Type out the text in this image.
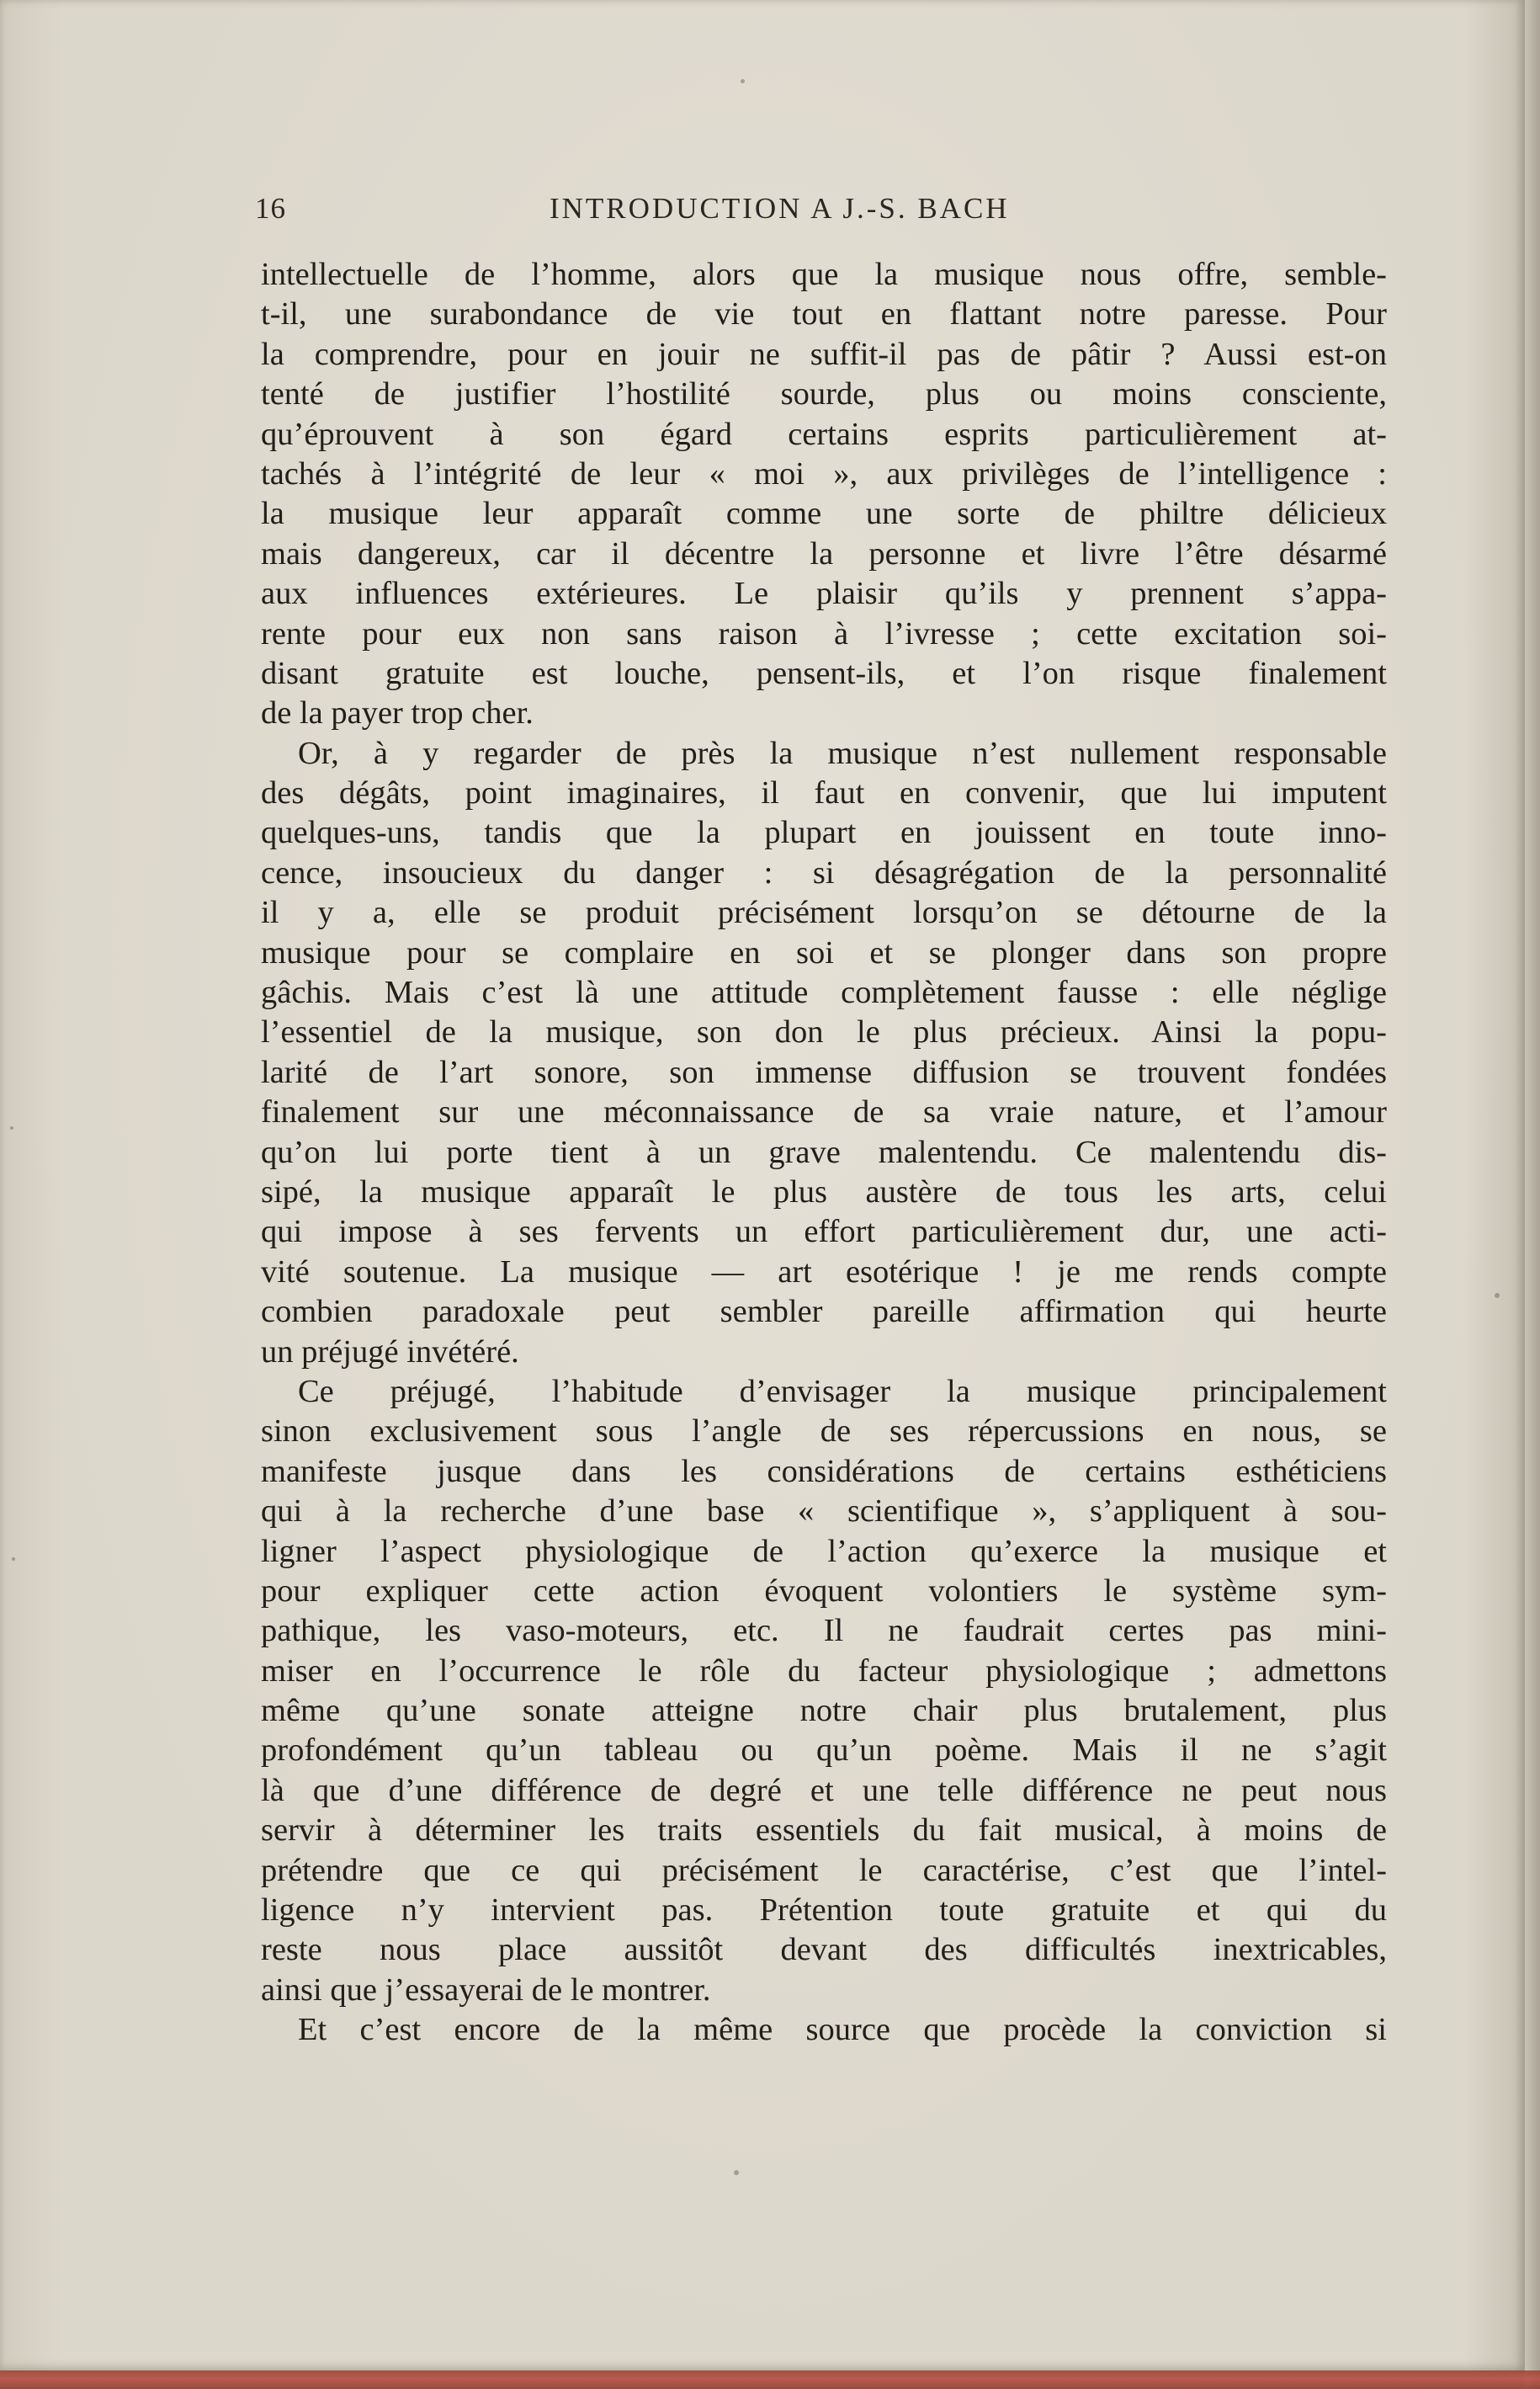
16	INTRODUCTION A J.-S. BACH
intellectuelle de l’homme, alors que la musique nous offre, semble-
t-il, une surabondance de vie tout en flattant notre paresse. Pour
la comprendre, pour en jouir ne suffit-il pas de pâtir ? Aussi est-on
tenté de justifier l’hostilité sourde, plus ou moins consciente,
qu’éprouvent à son égard certains esprits particulièrement at-
tachés à l’intégrité de leur « moi », aux privilèges de l’intelligence :
la musique leur apparaît comme une sorte de philtre délicieux
mais dangereux, car il décentre la personne et livre l’être désarmé
aux influences extérieures. Le plaisir qu’ils y prennent s’appa-
rente pour eux non sans raison à l’ivresse ; cette excitation soi-
disant gratuite est louche, pensent-ils, et l’on risque finalement
de la payer trop cher.
Or, à y regarder de près la musique n’est nullement responsable
des dégâts, point imaginaires, il faut en convenir, que lui imputent
quelques-uns, tandis que la plupart en jouissent en toute inno-
cence, insoucieux du danger : si désagrégation de la personnalité
il y a, elle se produit précisément lorsqu’on se détourne de la
musique pour se complaire en soi et se plonger dans son propre
gâchis. Mais c’est là une attitude complètement fausse : elle néglige
l’essentiel de la musique, son don le plus précieux. Ainsi la popu-
larité de l’art sonore, son immense diffusion se trouvent fondées
finalement sur une méconnaissance de sa vraie nature, et l’amour
qu’on lui porte tient à un grave malentendu. Ce malentendu dis-
sipé, la musique apparaît le plus austère de tous les arts, celui
qui impose à ses fervents un effort particulièrement dur, une acti-
vité soutenue. La musique — art esotérique ! je me rends compte
combien paradoxale peut sembler pareille affirmation qui heurte
un préjugé invétéré.
Ce préjugé, l’habitude d’envisager la musique principalement
sinon exclusivement sous l’angle de ses répercussions en nous, se
manifeste jusque dans les considérations de certains esthéticiens
qui à la recherche d’une base « scientifique », s’appliquent à sou-
ligner l’aspect physiologique de l’action qu’exerce la musique et
pour expliquer cette action évoquent volontiers le système sym-
pathique, les vaso-moteurs, etc. Il ne faudrait certes pas mini-
miser en l’occurrence le rôle du facteur physiologique ; admettons
même qu’une sonate atteigne notre chair plus brutalement, plus
profondément qu’un tableau ou qu’un poème. Mais il ne s’agit
là que d’une différence de degré et une telle différence ne peut nous
servir à déterminer les traits essentiels du fait musical, à moins de
prétendre que ce qui précisément le caractérise, c’est que l’intel-
ligence n’y intervient pas. Prétention toute gratuite et qui du
reste nous place aussitôt devant des difficultés inextricables,
ainsi que j’essayerai de le montrer.
Et c’est encore de la même source que procède la conviction si
